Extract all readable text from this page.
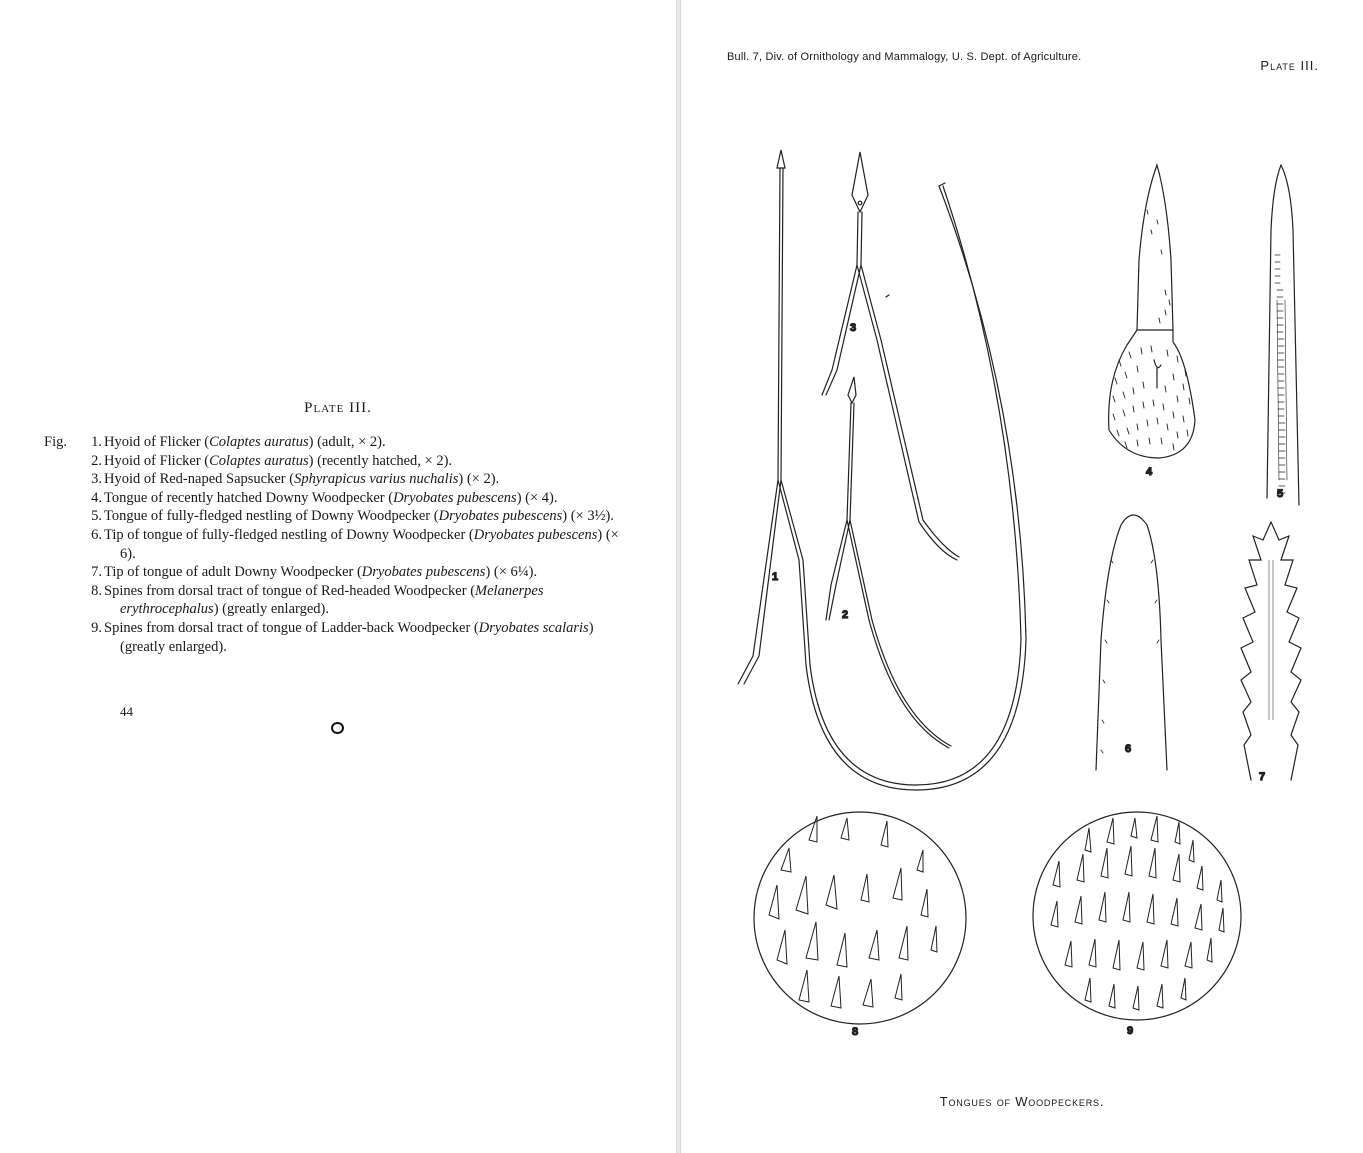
Plate III.
Fig.	1. Hyoid of Flicker (Colaptes auratus) (adult, × 2).
2. Hyoid of Flicker (Colaptes auratus) (recently hatched, × 2).
3. Hyoid of Red-naped Sapsucker (Sphyrapicus varius nuchalis) (× 2).
4. Tongue of recently hatched Downy Woodpecker (Dryobates pubescens) (× 4).
5. Tongue of fully-fledged nestling of Downy Woodpecker (Dryobates pubescens) (× 3½).
6. Tip of tongue of fully-fledged nestling of Downy Woodpecker (Dryobates pubescens) (× 6).
7. Tip of tongue of adult Downy Woodpecker (Dryobates pubescens) (× 6¼).
8. Spines from dorsal tract of tongue of Red-headed Woodpecker (Melanerpes erythrocephalus) (greatly enlarged).
9. Spines from dorsal tract of tongue of Ladder-back Woodpecker (Dryobates scalaris) (greatly enlarged).
44
Bull. 7, Div. of Ornithology and Mammalogy, U. S. Dept. of Agriculture.
Plate III.
1
3
2
4
5
6
7
8	9
Tongues of Woodpeckers.
